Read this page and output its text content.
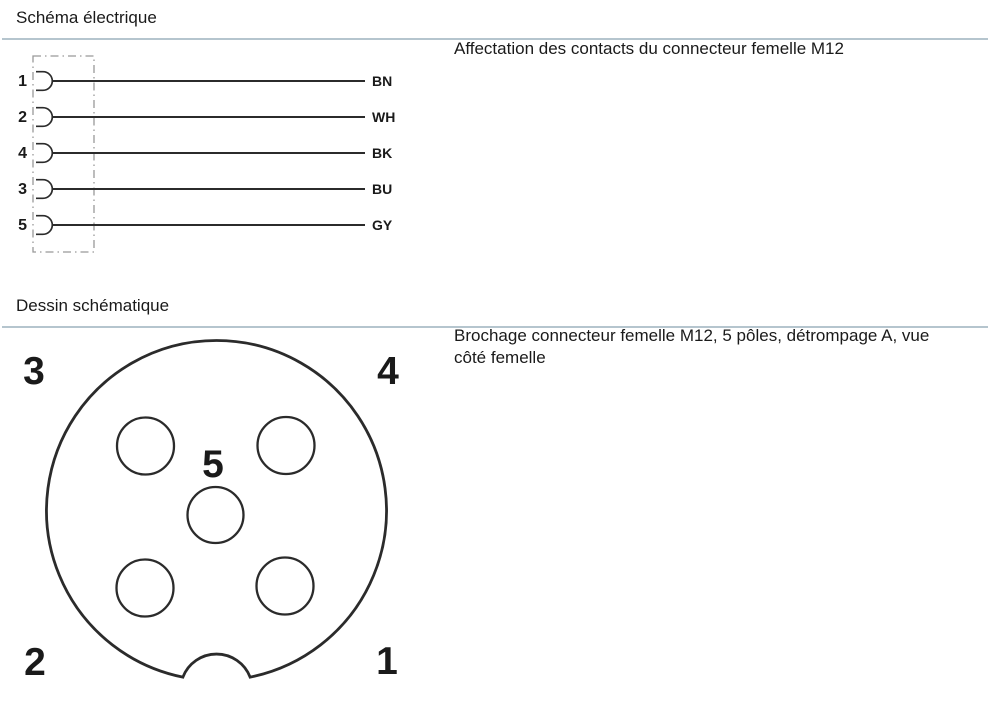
Schéma électrique
Affectation des contacts du connecteur femelle M12
1	BN
2	WH
4	BK
3	BU
5	GY
Dessin schématique
Brochage connecteur femelle M12, 5 pôles, détrompage A, vue côté femelle
3	4
5
2	1
